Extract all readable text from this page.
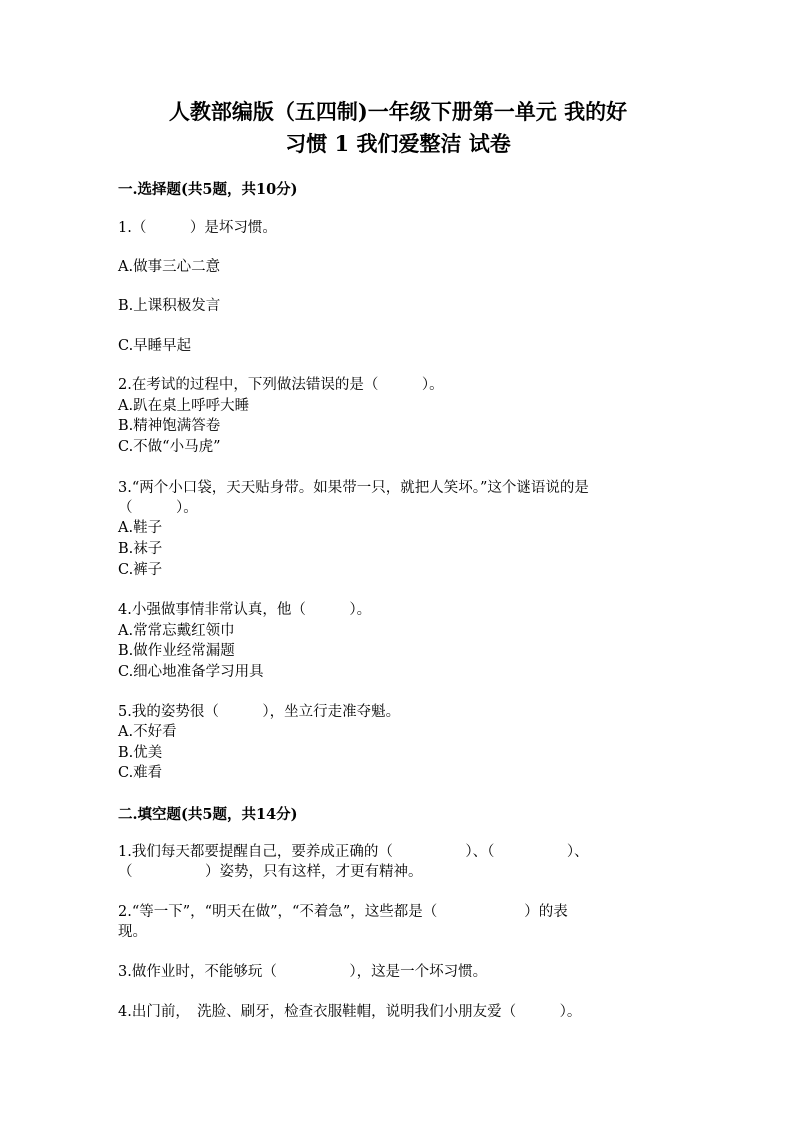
人教部编版（五四制)一年级下册第一单元 我的好
习惯 1 我们爱整洁 试卷
一.选择题(共5题，共10分)
1.（　　　）是坏习惯。
A.做事三心二意
B.上课积极发言
C.早睡早起
2.在考试的过程中，下列做法错误的是（　　　）。
A.趴在桌上呼呼大睡
B.精神饱满答卷
C.不做“小马虎”
3.“两个小口袋，天天贴身带。如果带一只，就把人笑坏。”这个谜语说的是
（　　　）。
A.鞋子
B.袜子
C.裤子
4.小强做事情非常认真，他（　　　）。
A.常常忘戴红领巾
B.做作业经常漏题
C.细心地准备学习用具
5.我的姿势很（　　　），坐立行走准夺魁。
A.不好看
B.优美
C.难看
二.填空题(共5题，共14分)
1.我们每天都要提醒自己，要养成正确的（　　　　　）、（　　　　　）、
（　　　　　）姿势，只有这样，才更有精神。
2.“等一下”，“明天在做”，“不着急”，这些都是（　　　　　　）的表
现。
3.做作业时，不能够玩（　　　　　），这是一个坏习惯。
4.出门前，　洗脸、刷牙，检查衣服鞋帽，说明我们小朋友爱（　　　）。
